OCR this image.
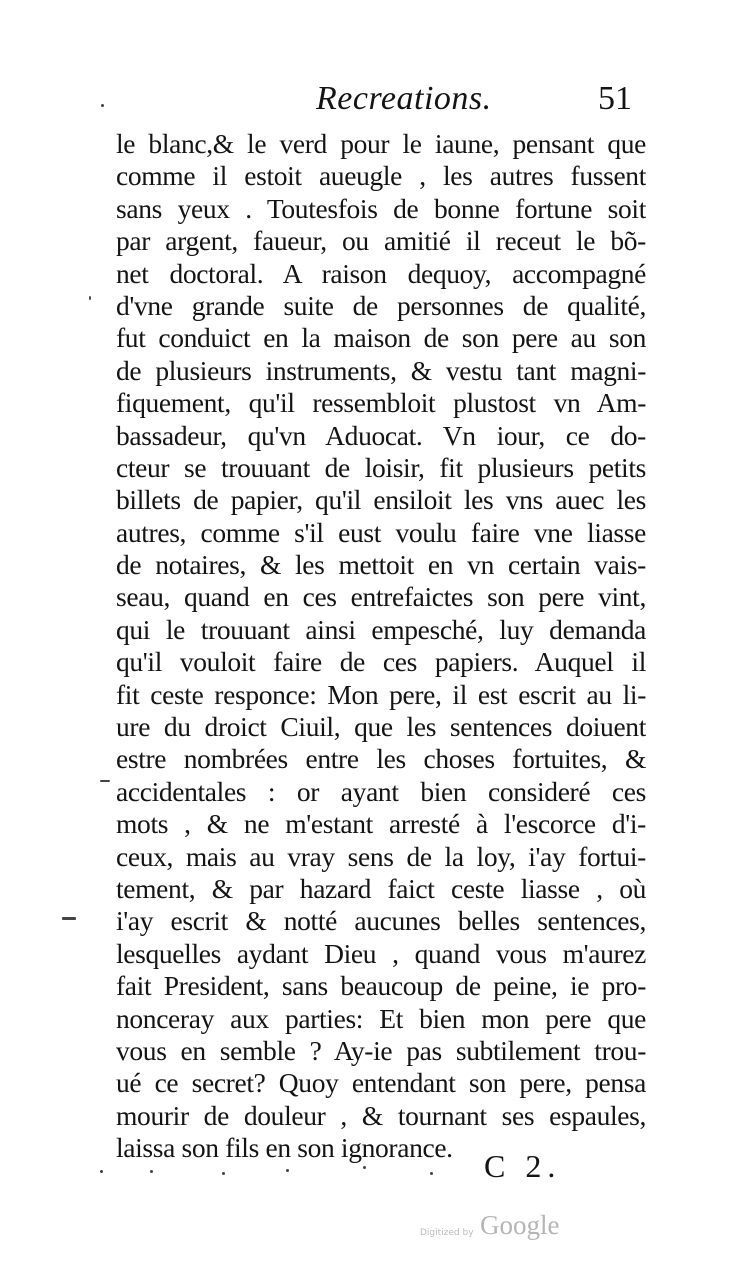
Recreations.	51
le blanc,& le verd pour le iaune, pensant que
comme il estoit aueugle , les autres fussent
sans yeux . Toutesfois de bonne fortune soit
par argent, faueur, ou amitié il receut le bõ-
net doctoral. A raison dequoy, accompagné
d'vne grande suite de personnes de qualité,
fut conduict en la maison de son pere au son
de plusieurs instruments, & vestu tant magni-
fiquement, qu'il ressembloit plustost vn Am-
bassadeur, qu'vn Aduocat. Vn iour, ce do-
cteur se trouuant de loisir, fit plusieurs petits
billets de papier, qu'il ensiloit les vns auec les
autres, comme s'il eust voulu faire vne liasse
de notaires, & les mettoit en vn certain vais-
seau, quand en ces entrefaictes son pere vint,
qui le trouuant ainsi empesché, luy demanda
qu'il vouloit faire de ces papiers. Auquel il
fit ceste responce: Mon pere, il est escrit au li-
ure du droict Ciuil, que les sentences doiuent
estre nombrées entre les choses fortuites, &
accidentales : or ayant bien consideré ces
mots , & ne m'estant arresté à l'escorce d'i-
ceux, mais au vray sens de la loy, i'ay fortui-
tement, & par hazard faict ceste liasse , où
i'ay escrit & notté aucunes belles sentences,
lesquelles aydant Dieu , quand vous m'aurez
fait President, sans beaucoup de peine, ie pro-
nonceray aux parties: Et bien mon pere que
vous en semble ? Ay-ie pas subtilement trou-
ué ce secret? Quoy entendant son pere, pensa
mourir de douleur , & tournant ses espaules,
laissa son fils en son ignorance.
C 2.
Digitized by Google
